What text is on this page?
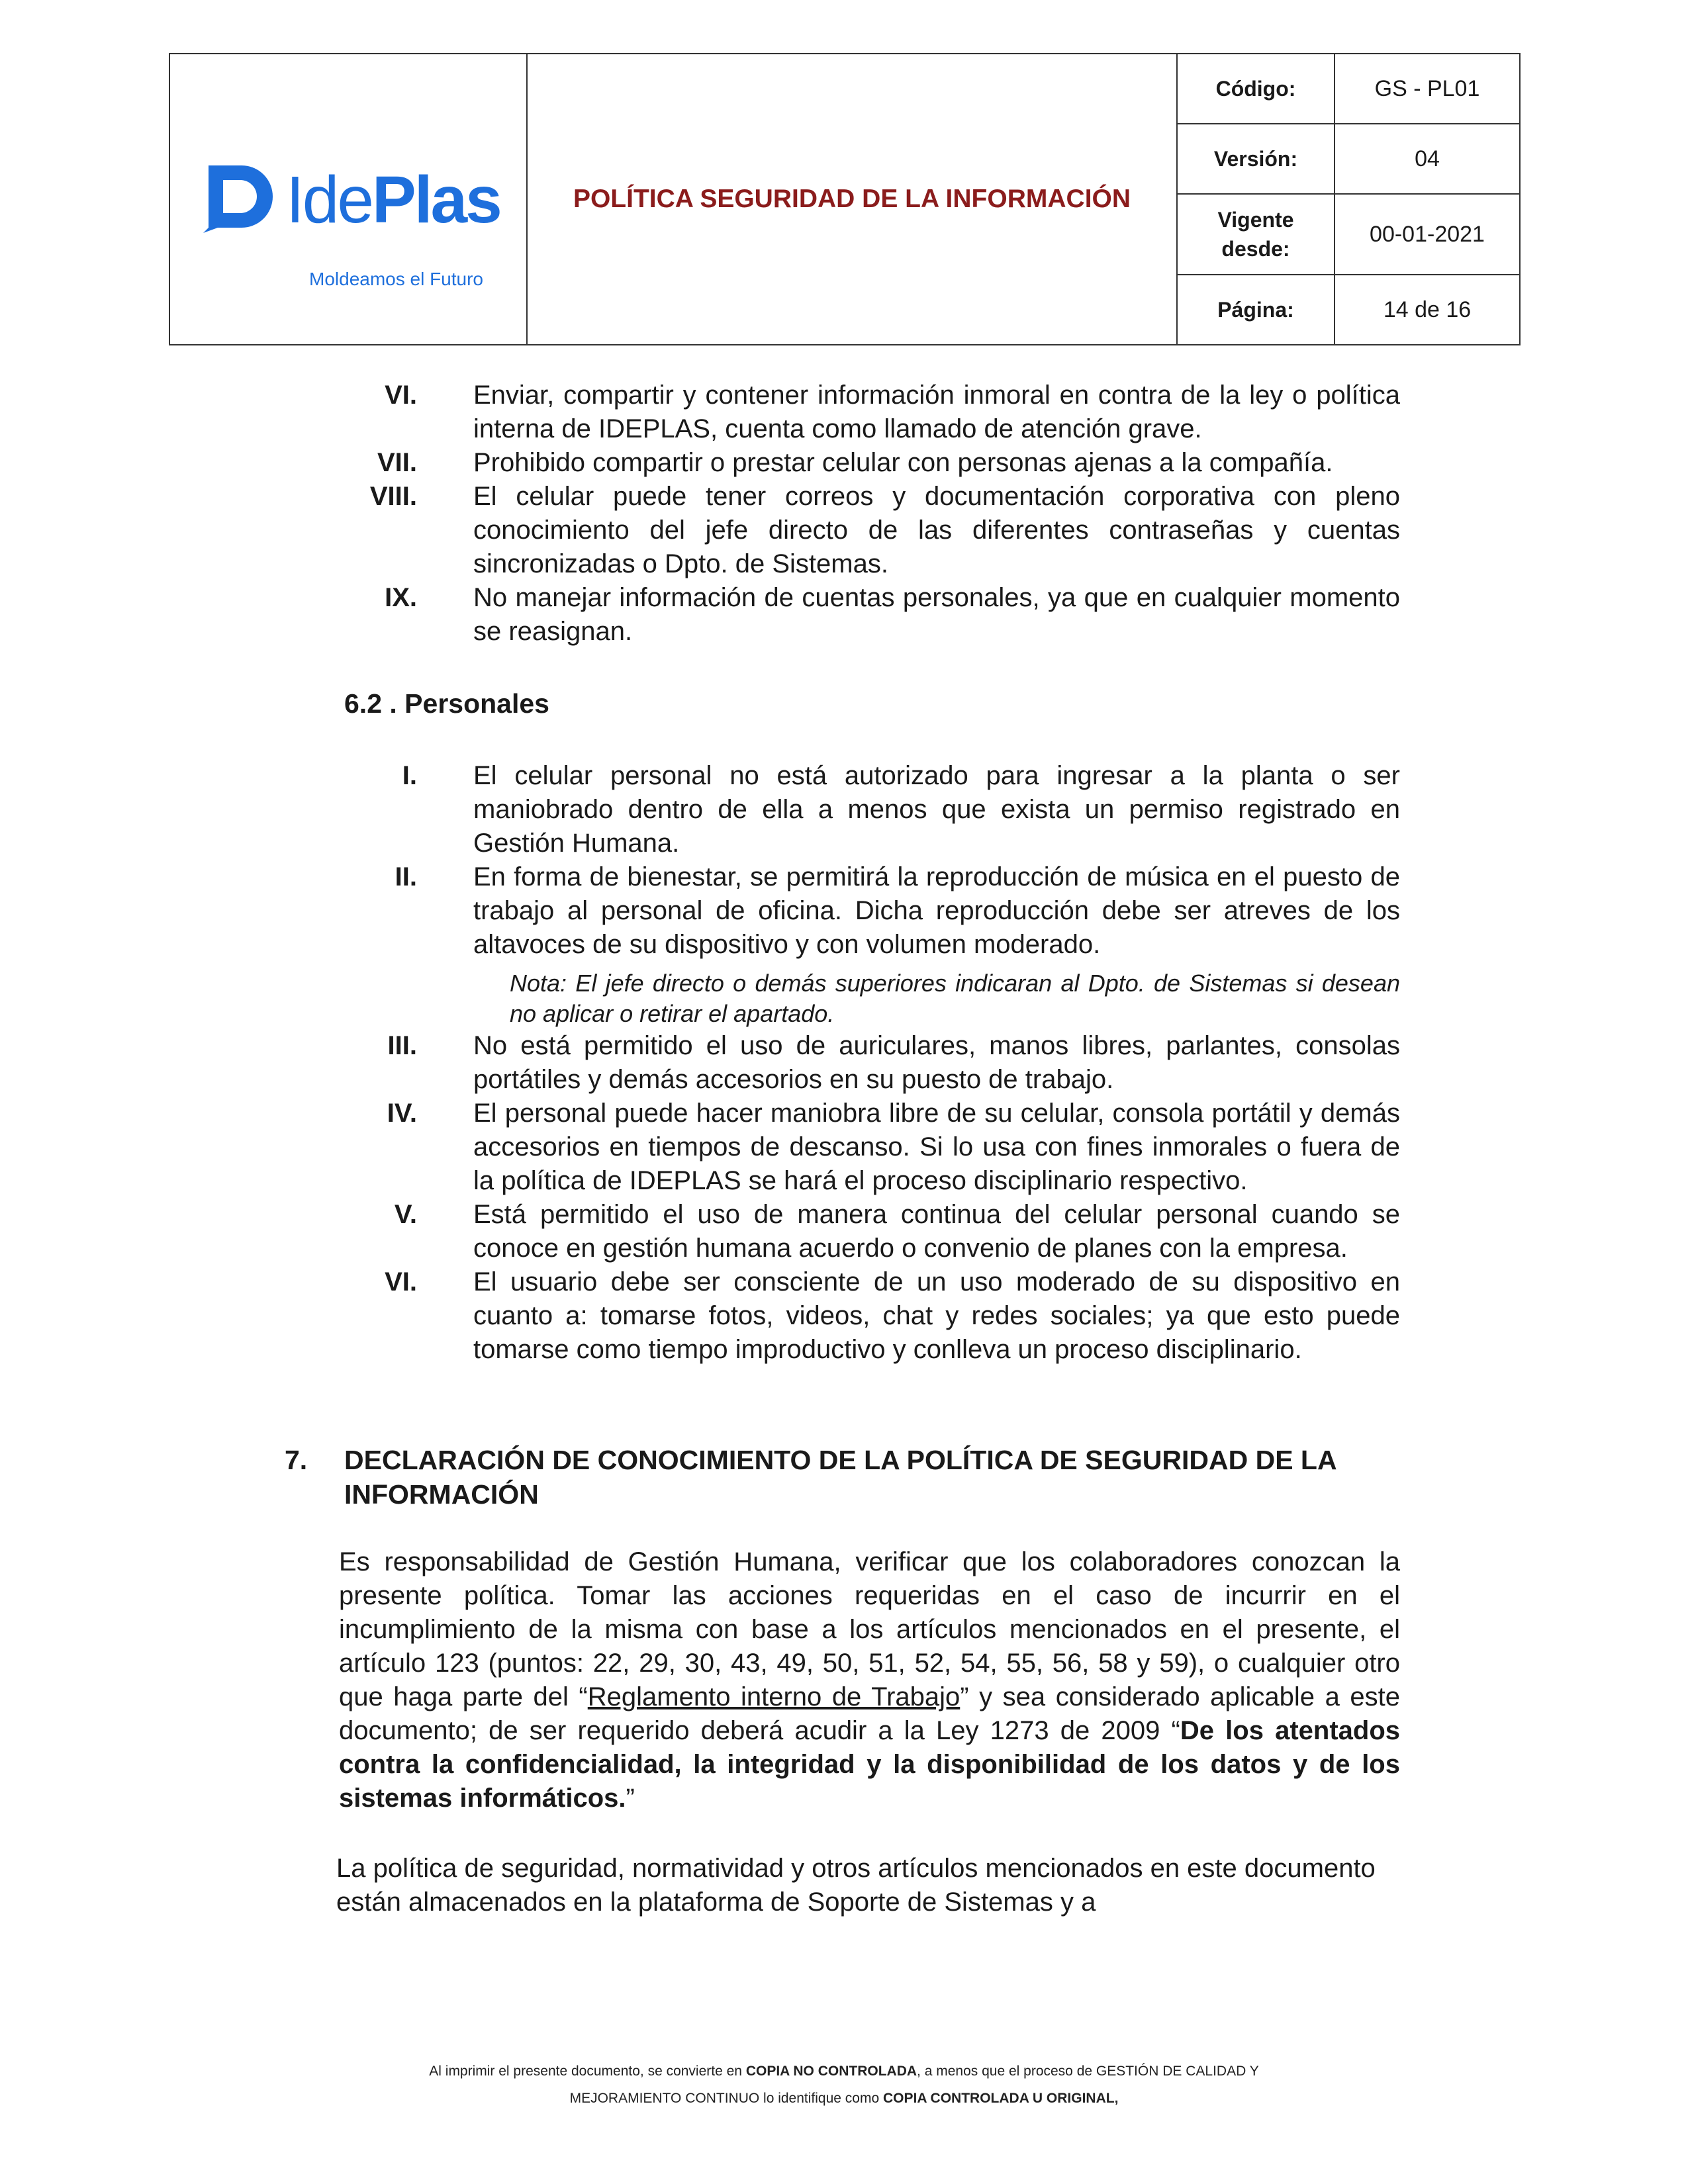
IdePlas
Moldeamos el Futuro	POLÍTICA SEGURIDAD DE LA INFORMACIÓN	Código:	GS - PL01
		Versión:	04

		Vigente desde:	00-01-2021
		Página:	14 de 16
VI. Enviar, compartir y contener información inmoral en contra de la ley o política interna de IDEPLAS, cuenta como llamado de atención grave.
VII. Prohibido compartir o prestar celular con personas ajenas a la compañía.
VIII. El celular puede tener correos y documentación corporativa con pleno conocimiento del jefe directo de las diferentes contraseñas y cuentas sincronizadas o Dpto. de Sistemas.
IX. No manejar información de cuentas personales, ya que en cualquier momento se reasignan.
6.2 . Personales
I. El celular personal no está autorizado para ingresar a la planta o ser maniobrado dentro de ella a menos que exista un permiso registrado en Gestión Humana.
II. En forma de bienestar, se permitirá la reproducción de música en el puesto de trabajo al personal de oficina. Dicha reproducción debe ser atreves de los altavoces de su dispositivo y con volumen moderado.
Nota: El jefe directo o demás superiores indicaran al Dpto. de Sistemas si desean no aplicar o retirar el apartado.
III. No está permitido el uso de auriculares, manos libres, parlantes, consolas portátiles y demás accesorios en su puesto de trabajo.
IV. El personal puede hacer maniobra libre de su celular, consola portátil y demás accesorios en tiempos de descanso. Si lo usa con fines inmorales o fuera de la política de IDEPLAS se hará el proceso disciplinario respectivo.
V. Está permitido el uso de manera continua del celular personal cuando se conoce en gestión humana acuerdo o convenio de planes con la empresa.
VI. El usuario debe ser consciente de un uso moderado de su dispositivo en cuanto a: tomarse fotos, videos, chat y redes sociales; ya que esto puede tomarse como tiempo improductivo y conlleva un proceso disciplinario.
7.	DECLARACIÓN DE CONOCIMIENTO DE LA POLÍTICA DE SEGURIDAD DE LA INFORMACIÓN
Es responsabilidad de Gestión Humana, verificar que los colaboradores conozcan la presente política. Tomar las acciones requeridas en el caso de incurrir en el incumplimiento de la misma con base a los artículos mencionados en el presente, el artículo 123 (puntos: 22, 29, 30, 43, 49, 50, 51, 52, 54, 55, 56, 58 y 59), o cualquier otro que haga parte del “Reglamento interno de Trabajo” y sea considerado aplicable a este documento; de ser requerido deberá acudir a la Ley 1273 de 2009 “De los atentados contra la confidencialidad, la integridad y la disponibilidad de los datos y de los sistemas informáticos.”
La política de seguridad, normatividad y otros artículos mencionados en este documento están almacenados en la plataforma de Soporte de Sistemas y a
Al imprimir el presente documento, se convierte en COPIA NO CONTROLADA, a menos que el proceso de GESTIÓN DE CALIDAD Y
MEJORAMIENTO CONTINUO lo identifique como COPIA CONTROLADA U ORIGINAL,
